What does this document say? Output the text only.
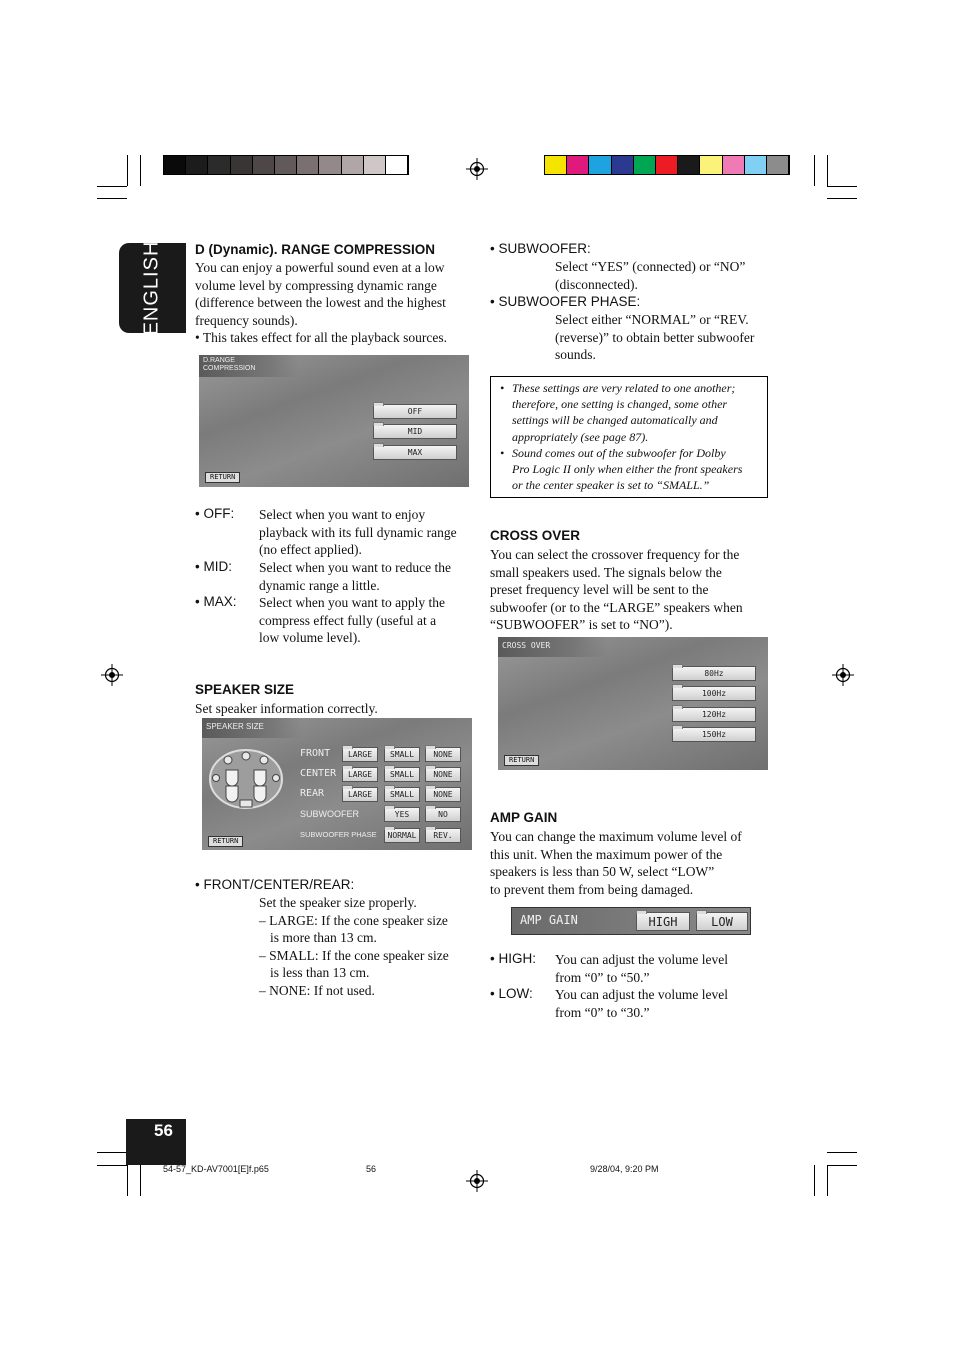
ENGLISH D (Dynamic). RANGE COMPRESSION
You can enjoy a powerful sound even at a low
volume level by compressing dynamic range
(difference between the lowest and the highest
frequency sounds).
• This takes effect for all the playback sources.
D.RANGE
COMPRESSION
OFF
MID
MAX
RETURN
• OFF: Select when you want to enjoy
playback with its full dynamic range
(no effect applied).
• MID: Select when you want to reduce the
dynamic range a little.
• MAX: Select when you want to apply the
compress effect fully (useful at a
low volume level).
SPEAKER SIZE
Set speaker information correctly.
SPEAKER SIZE
FRONT	LARGE	SMALL	NONE
CENTER	LARGE	SMALL	NONE
REAR	LARGE	SMALL	NONE
SUBWOOFER	YES	NO
SUBWOOFER PHASE	NORMAL	REV.
RETURN
• FRONT/CENTER/REAR:
Set the speaker size properly.
– LARGE: If the cone speaker size
is more than 13 cm.
– SMALL: If the cone speaker size
is less than 13 cm.
– NONE: If not used.
• SUBWOOFER:
Select “YES” (connected) or “NO”
(disconnected).
• SUBWOOFER PHASE:
Select either “NORMAL” or “REV.
(reverse)” to obtain better subwoofer
sounds.
• These settings are very related to one another;
therefore, one setting is changed, some other
settings will be changed automatically and
appropriately (see page 87).
• Sound comes out of the subwoofer for Dolby
Pro Logic II only when either the front speakers
or the center speaker is set to “SMALL.”
CROSS OVER
You can select the crossover frequency for the
small speakers used. The signals below the
preset frequency level will be sent to the
subwoofer (or to the “LARGE” speakers when
“SUBWOOFER” is set to “NO”).
CROSS OVER
80Hz
100Hz
120Hz
150Hz
RETURN
AMP GAIN
You can change the maximum volume level of
this unit. When the maximum power of the
speakers is less than 50 W, select “LOW”
to prevent them from being damaged.
AMP GAIN	HIGH	LOW
• HIGH: You can adjust the volume level
from “0” to “50.”
• LOW: You can adjust the volume level
from “0” to “30.”
56
54-57_KD-AV7001[E]f.p65	56	9/28/04, 9:20 PM
